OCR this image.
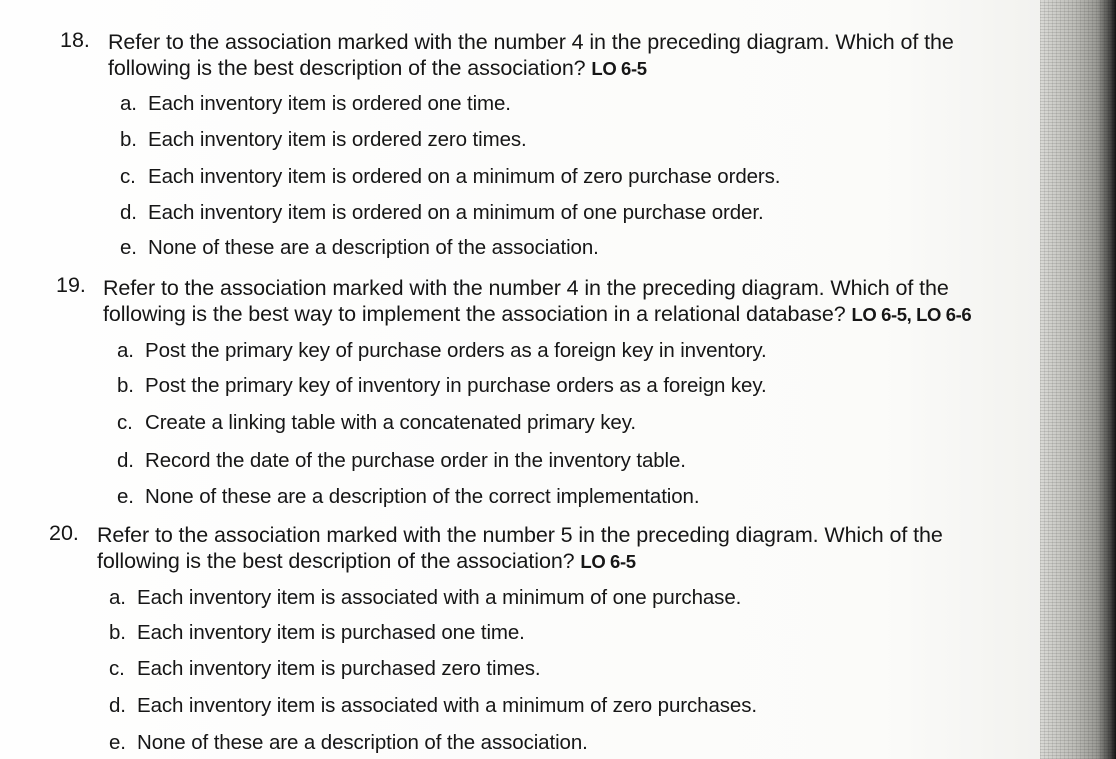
18. Refer to the association marked with the number 4 in the preceding diagram. Which of the
following is the best description of the association? LO 6-5
a. Each inventory item is ordered one time.
b. Each inventory item is ordered zero times.
c. Each inventory item is ordered on a minimum of zero purchase orders.
d. Each inventory item is ordered on a minimum of one purchase order.
e. None of these are a description of the association.
19. Refer to the association marked with the number 4 in the preceding diagram. Which of the
following is the best way to implement the association in a relational database? LO 6-5, LO 6-6
a. Post the primary key of purchase orders as a foreign key in inventory.
b. Post the primary key of inventory in purchase orders as a foreign key.
c. Create a linking table with a concatenated primary key.
d. Record the date of the purchase order in the inventory table.
e. None of these are a description of the correct implementation.
20. Refer to the association marked with the number 5 in the preceding diagram. Which of the
following is the best description of the association? LO 6-5
a. Each inventory item is associated with a minimum of one purchase.
b. Each inventory item is purchased one time.
c. Each inventory item is purchased zero times.
d. Each inventory item is associated with a minimum of zero purchases.
e. None of these are a description of the association.
